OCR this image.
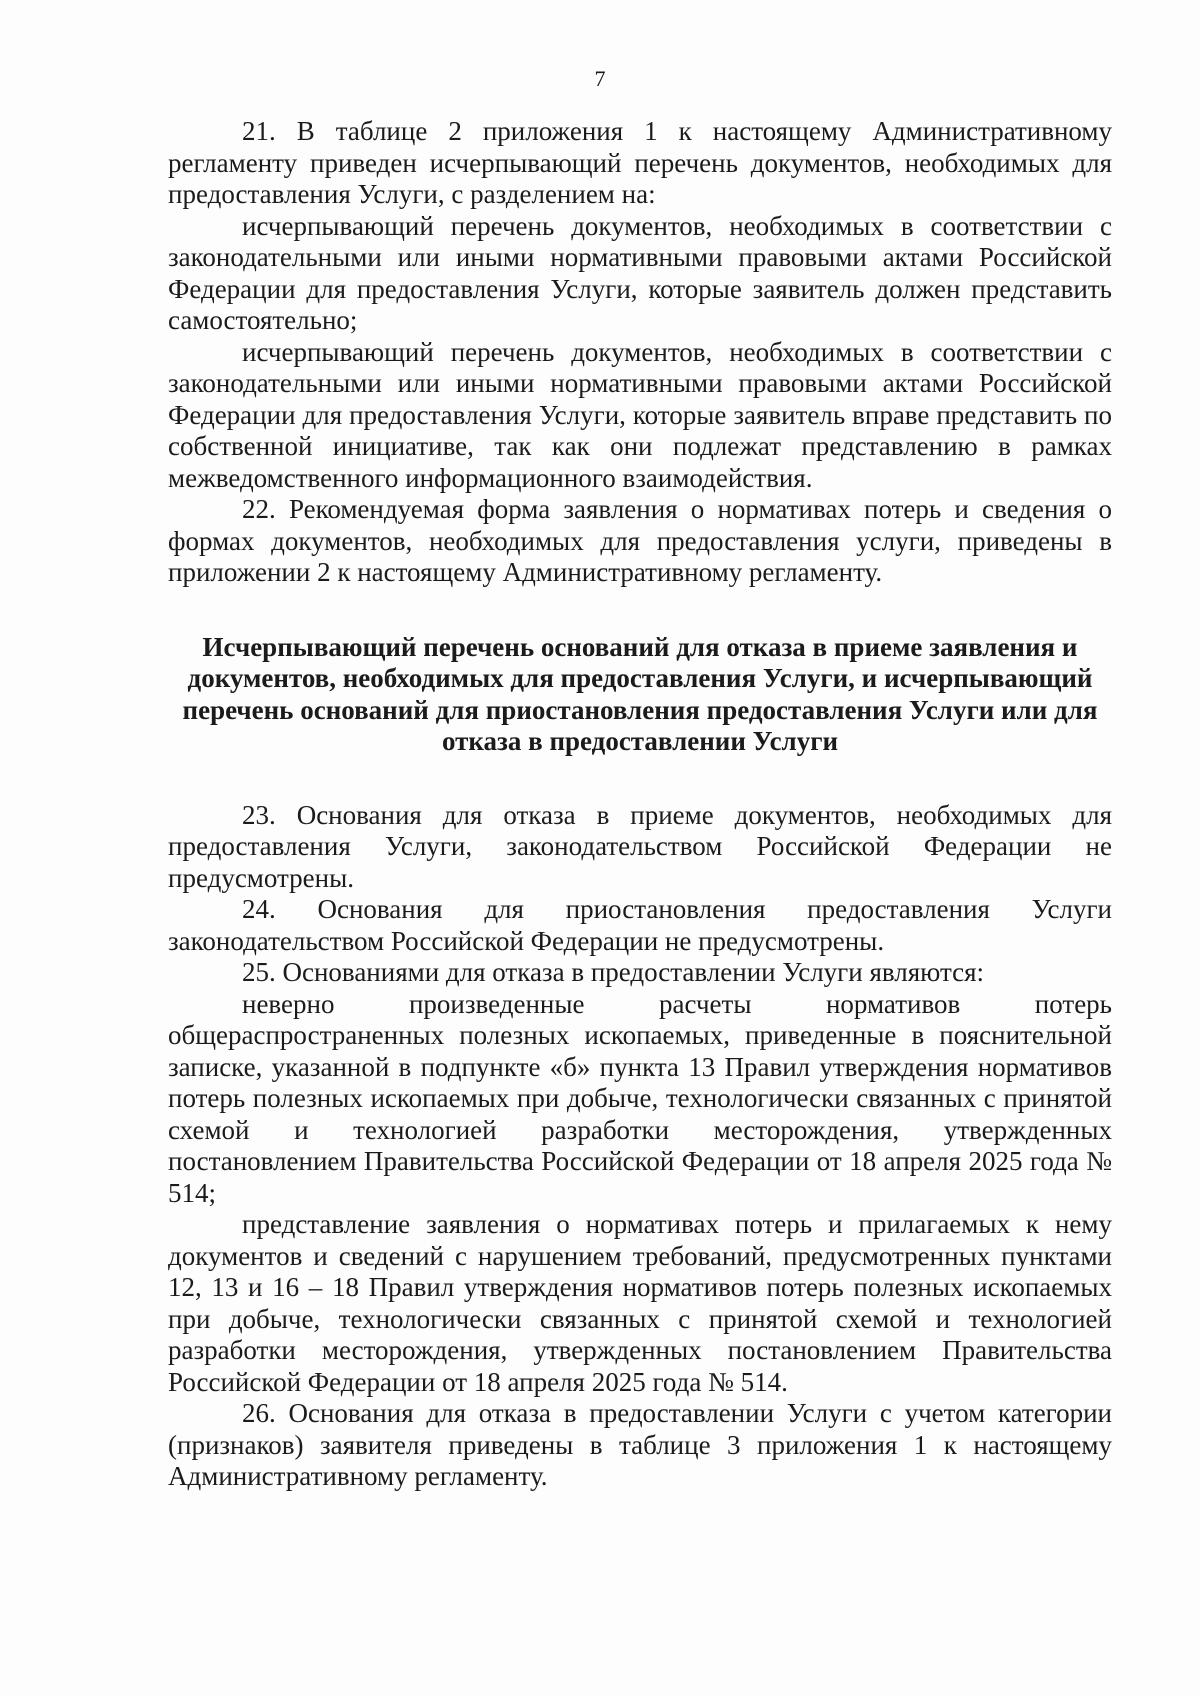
7

21. В таблице 2 приложения 1 к настоящему Административному регламенту приведен исчерпывающий перечень документов, необходимых для предоставления Услуги, с разделением на:

исчерпывающий перечень документов, необходимых в соответствии с законодательными или иными нормативными правовыми актами Российской Федерации для предоставления Услуги, которые заявитель должен представить самостоятельно;

исчерпывающий перечень документов, необходимых в соответствии с законодательными или иными нормативными правовыми актами Российской Федерации для предоставления Услуги, которые заявитель вправе представить по собственной инициативе, так как они подлежат представлению в рамках межведомственного информационного взаимодействия.

22. Рекомендуемая форма заявления о нормативах потерь и сведения о формах документов, необходимых для предоставления услуги, приведены в приложении 2 к настоящему Административному регламенту.

Исчерпывающий перечень оснований для отказа в приеме заявления и документов, необходимых для предоставления Услуги, и исчерпывающий перечень оснований для приостановления предоставления Услуги или для отказа в предоставлении Услуги

23. Основания для отказа в приеме документов, необходимых для предоставления Услуги, законодательством Российской Федерации не предусмотрены.

24. Основания для приостановления предоставления Услуги законодательством Российской Федерации не предусмотрены.

25. Основаниями для отказа в предоставлении Услуги являются:

неверно произведенные расчеты нормативов потерь общераспространенных полезных ископаемых, приведенные в пояснительной записке, указанной в подпункте «б» пункта 13 Правил утверждения нормативов потерь полезных ископаемых при добыче, технологически связанных с принятой схемой и технологией разработки месторождения, утвержденных постановлением Правительства Российской Федерации от 18 апреля 2025 года № 514;

представление заявления о нормативах потерь и прилагаемых к нему документов и сведений с нарушением требований, предусмотренных пунктами 12, 13 и 16 – 18 Правил утверждения нормативов потерь полезных ископаемых при добыче, технологически связанных с принятой схемой и технологией разработки месторождения, утвержденных постановлением Правительства Российской Федерации от 18 апреля 2025 года № 514.

26. Основания для отказа в предоставлении Услуги с учетом категории (признаков) заявителя приведены в таблице 3 приложения 1 к настоящему Административному регламенту.
